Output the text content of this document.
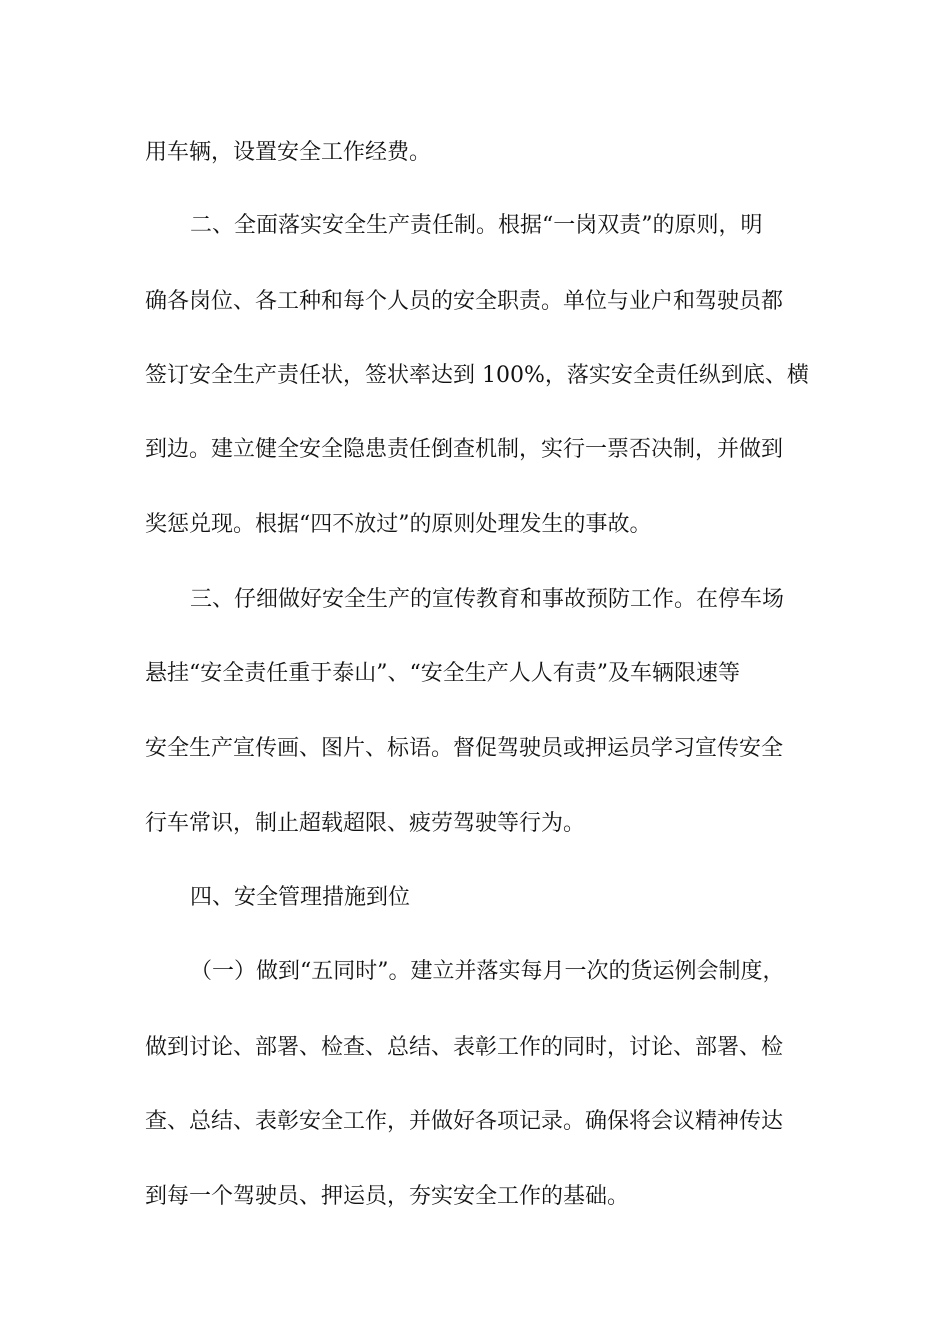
用车辆，设置安全工作经费。
二、全面落实安全生产责任制。根据“一岗双责”的原则，明
确各岗位、各工种和每个人员的安全职责。单位与业户和驾驶员都
签订安全生产责任状，签状率达到 100%，落实安全责任纵到底、横
到边。建立健全安全隐患责任倒查机制，实行一票否决制，并做到
奖惩兑现。根据“四不放过”的原则处理发生的事故。
三、仔细做好安全生产的宣传教育和事故预防工作。在停车场
悬挂“安全责任重于泰山”、“安全生产人人有责”及车辆限速等
安全生产宣传画、图片、标语。督促驾驶员或押运员学习宣传安全
行车常识，制止超载超限、疲劳驾驶等行为。
四、安全管理措施到位
（一）做到“五同时”。建立并落实每月一次的货运例会制度，
做到讨论、部署、检查、总结、表彰工作的同时，讨论、部署、检
查、总结、表彰安全工作，并做好各项记录。确保将会议精神传达
到每一个驾驶员、押运员，夯实安全工作的基础。
